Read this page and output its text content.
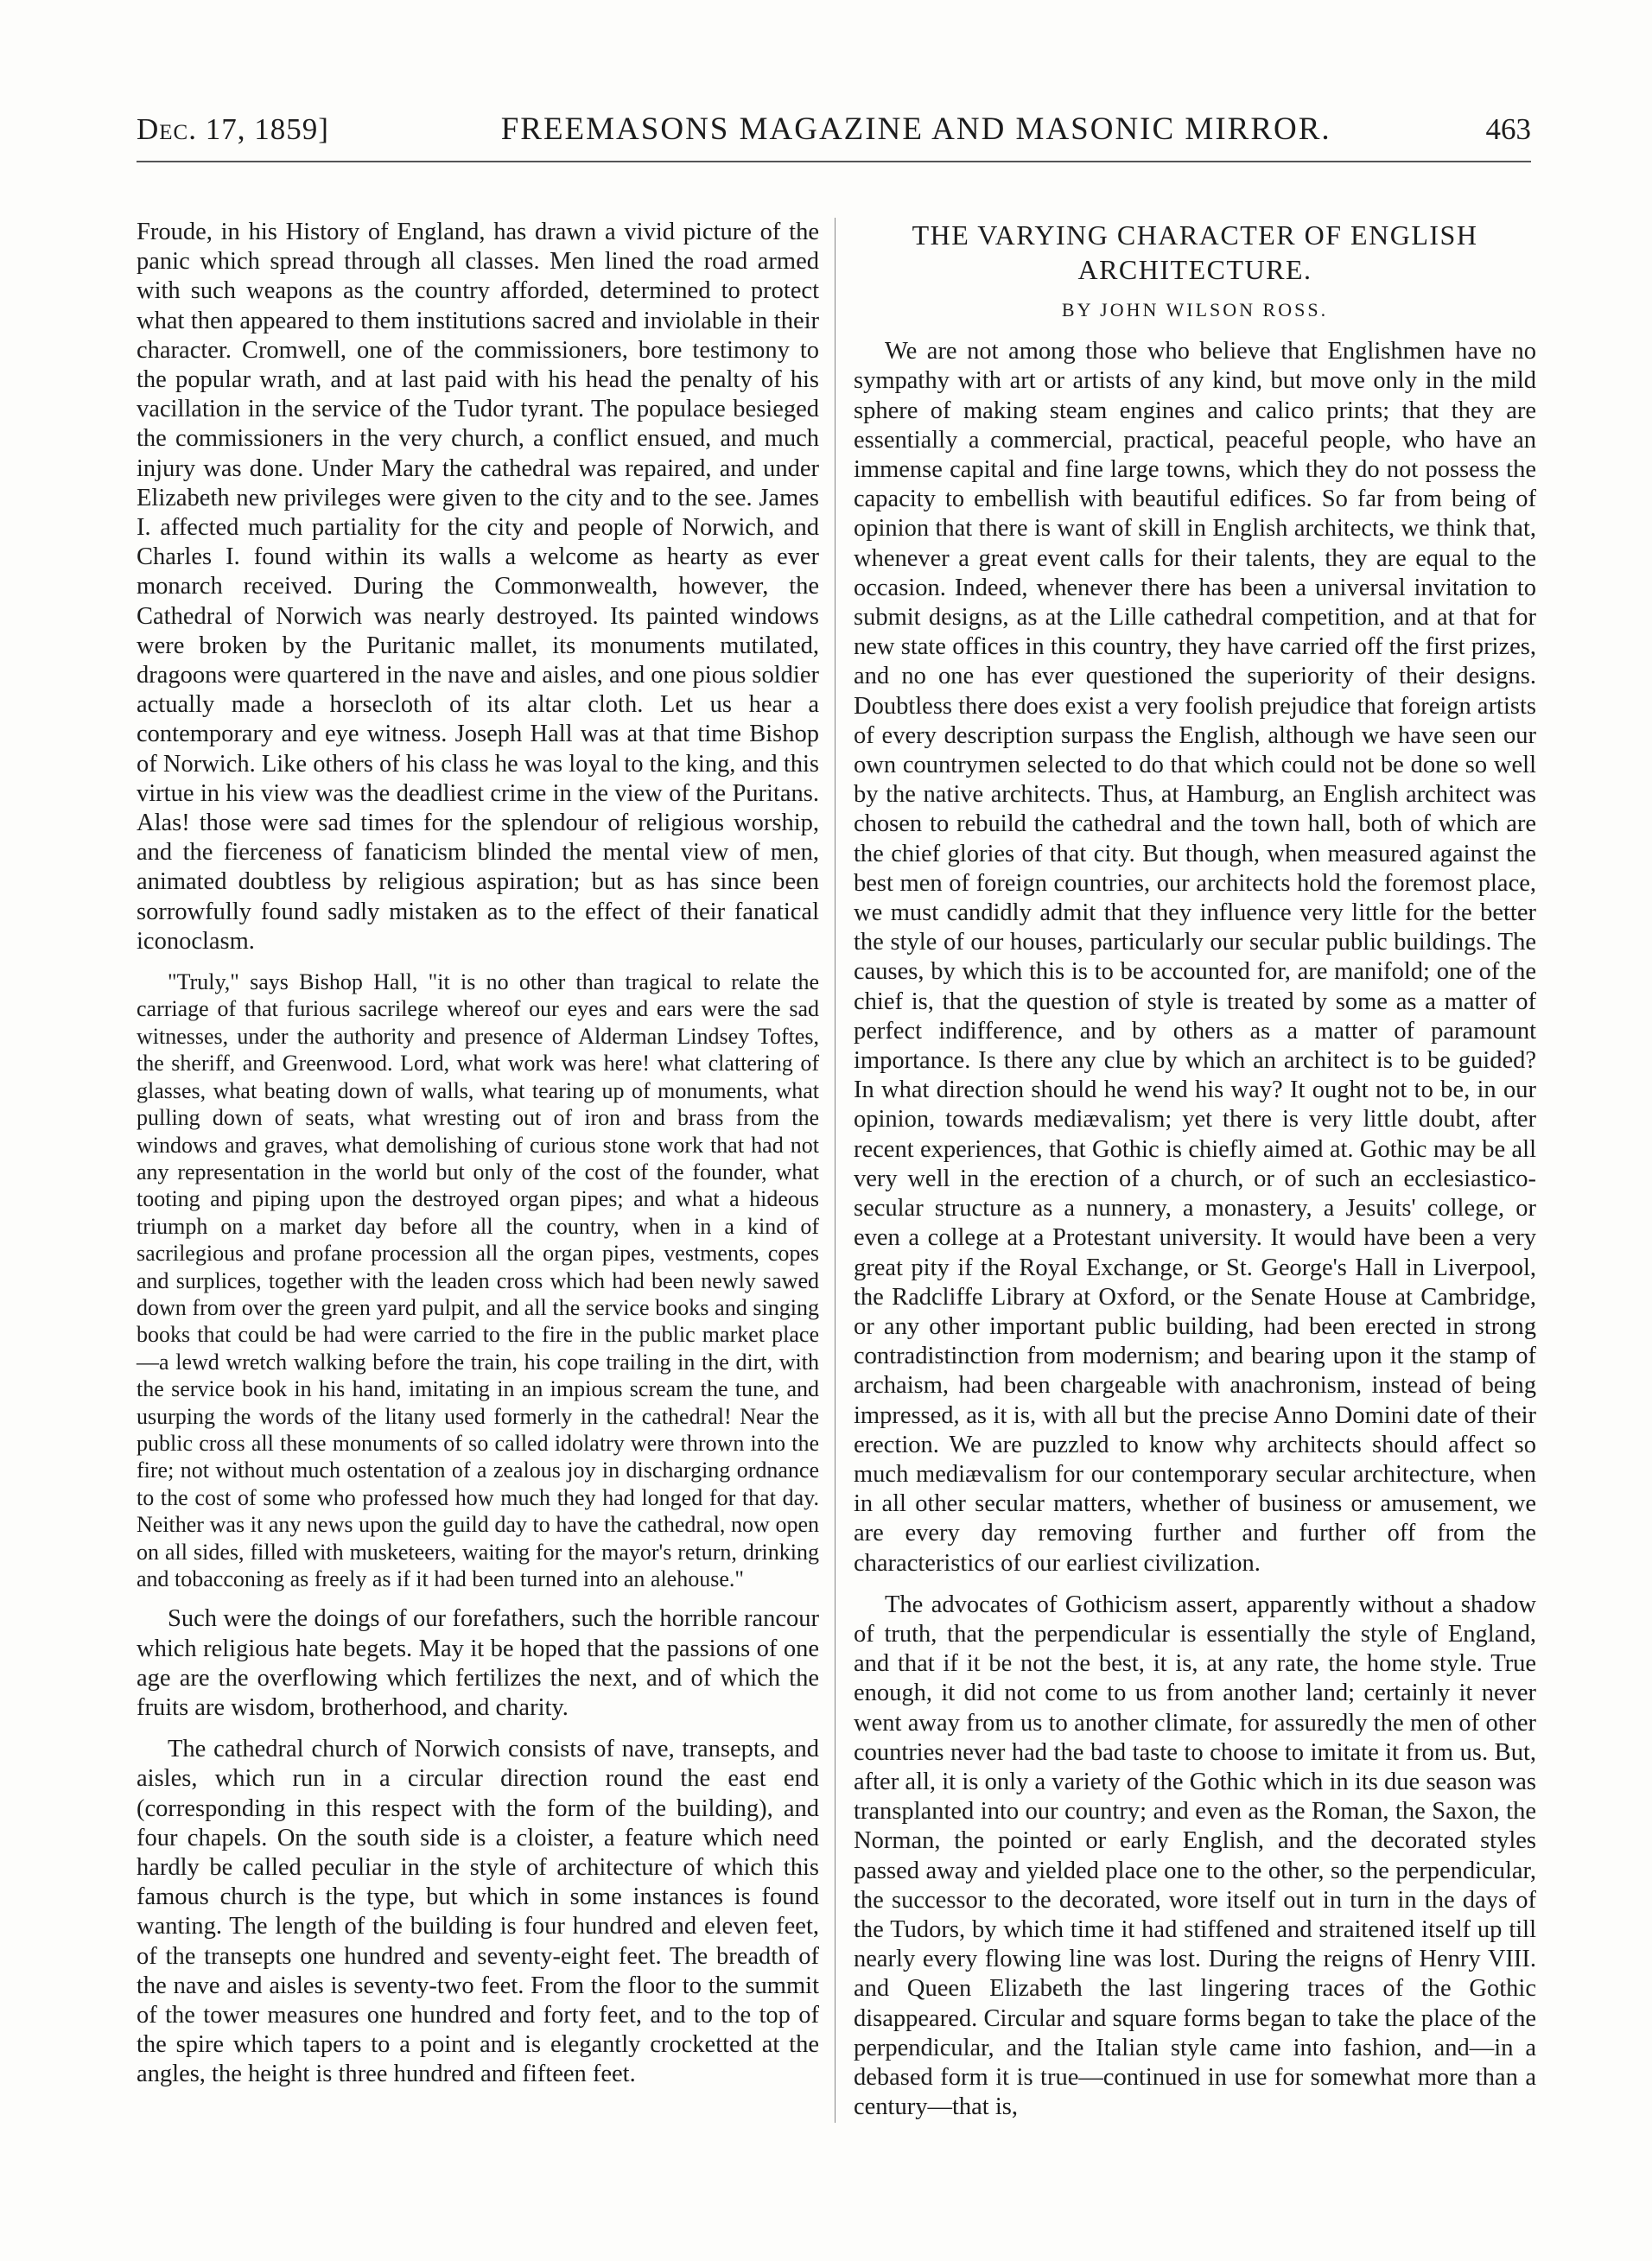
Dec. 17, 1859]	FREEMASONS MAGAZINE AND MASONIC MIRROR.	463

Froude, in his History of England, has drawn a vivid picture of the panic which spread through all classes. Men lined the road armed with such weapons as the country afforded, determined to protect what then appeared to them institutions sacred and inviolable in their character. Cromwell, one of the commissioners, bore testimony to the popular wrath, and at last paid with his head the penalty of his vacillation in the service of the Tudor tyrant. The populace besieged the commissioners in the very church, a conflict ensued, and much injury was done. Under Mary the cathedral was repaired, and under Elizabeth new privileges were given to the city and to the see. James I. affected much partiality for the city and people of Norwich, and Charles I. found within its walls a welcome as hearty as ever monarch received. During the Commonwealth, however, the Cathedral of Norwich was nearly destroyed. Its painted windows were broken by the Puritanic mallet, its monuments mutilated, dragoons were quartered in the nave and aisles, and one pious soldier actually made a horsecloth of its altar cloth. Let us hear a contemporary and eye witness. Joseph Hall was at that time Bishop of Norwich. Like others of his class he was loyal to the king, and this virtue in his view was the deadliest crime in the view of the Puritans. Alas! those were sad times for the splendour of religious worship, and the fierceness of fanaticism blinded the mental view of men, animated doubtless by religious aspiration; but as has since been sorrowfully found sadly mistaken as to the effect of their fanatical iconoclasm.

"Truly," says Bishop Hall, "it is no other than tragical to relate the carriage of that furious sacrilege whereof our eyes and ears were the sad witnesses, under the authority and presence of Alderman Lindsey Toftes, the sheriff, and Greenwood. Lord, what work was here! what clattering of glasses, what beating down of walls, what tearing up of monuments, what pulling down of seats, what wresting out of iron and brass from the windows and graves, what demolishing of curious stone work that had not any representation in the world but only of the cost of the founder, what tooting and piping upon the destroyed organ pipes; and what a hideous triumph on a market day before all the country, when in a kind of sacrilegious and profane procession all the organ pipes, vestments, copes and surplices, together with the leaden cross which had been newly sawed down from over the green yard pulpit, and all the service books and singing books that could be had were carried to the fire in the public market place—a lewd wretch walking before the train, his cope trailing in the dirt, with the service book in his hand, imitating in an impious scream the tune, and usurping the words of the litany used formerly in the cathedral! Near the public cross all these monuments of so called idolatry were thrown into the fire; not without much ostentation of a zealous joy in discharging ordnance to the cost of some who professed how much they had longed for that day. Neither was it any news upon the guild day to have the cathedral, now open on all sides, filled with musketeers, waiting for the mayor's return, drinking and tobacconing as freely as if it had been turned into an alehouse."

Such were the doings of our forefathers, such the horrible rancour which religious hate begets. May it be hoped that the passions of one age are the overflowing which fertilizes the next, and of which the fruits are wisdom, brotherhood, and charity.

The cathedral church of Norwich consists of nave, transepts, and aisles, which run in a circular direction round the east end (corresponding in this respect with the form of the building), and four chapels. On the south side is a cloister, a feature which need hardly be called peculiar in the style of architecture of which this famous church is the type, but which in some instances is found wanting. The length of the building is four hundred and eleven feet, of the transepts one hundred and seventy-eight feet. The breadth of the nave and aisles is seventy-two feet. From the floor to the summit of the tower measures one hundred and forty feet, and to the top of the spire which tapers to a point and is elegantly crocketted at the angles, the height is three hundred and fifteen feet.

THE VARYING CHARACTER OF ENGLISH ARCHITECTURE.
BY JOHN WILSON ROSS.

We are not among those who believe that Englishmen have no sympathy with art or artists of any kind, but move only in the mild sphere of making steam engines and calico prints; that they are essentially a commercial, practical, peaceful people, who have an immense capital and fine large towns, which they do not possess the capacity to embellish with beautiful edifices. So far from being of opinion that there is want of skill in English architects, we think that, whenever a great event calls for their talents, they are equal to the occasion. Indeed, whenever there has been a universal invitation to submit designs, as at the Lille cathedral competition, and at that for new state offices in this country, they have carried off the first prizes, and no one has ever questioned the superiority of their designs. Doubtless there does exist a very foolish prejudice that foreign artists of every description surpass the English, although we have seen our own countrymen selected to do that which could not be done so well by the native architects. Thus, at Hamburg, an English architect was chosen to rebuild the cathedral and the town hall, both of which are the chief glories of that city. But though, when measured against the best men of foreign countries, our architects hold the foremost place, we must candidly admit that they influence very little for the better the style of our houses, particularly our secular public buildings. The causes, by which this is to be accounted for, are manifold; one of the chief is, that the question of style is treated by some as a matter of perfect indifference, and by others as a matter of paramount importance. Is there any clue by which an architect is to be guided? In what direction should he wend his way? It ought not to be, in our opinion, towards mediævalism; yet there is very little doubt, after recent experiences, that Gothic is chiefly aimed at. Gothic may be all very well in the erection of a church, or of such an ecclesiastico-secular structure as a nunnery, a monastery, a Jesuits' college, or even a college at a Protestant university. It would have been a very great pity if the Royal Exchange, or St. George's Hall in Liverpool, the Radcliffe Library at Oxford, or the Senate House at Cambridge, or any other important public building, had been erected in strong contradistinction from modernism; and bearing upon it the stamp of archaism, had been chargeable with anachronism, instead of being impressed, as it is, with all but the precise Anno Domini date of their erection. We are puzzled to know why architects should affect so much mediævalism for our contemporary secular architecture, when in all other secular matters, whether of business or amusement, we are every day removing further and further off from the characteristics of our earliest civilization.

The advocates of Gothicism assert, apparently without a shadow of truth, that the perpendicular is essentially the style of England, and that if it be not the best, it is, at any rate, the home style. True enough, it did not come to us from another land; certainly it never went away from us to another climate, for assuredly the men of other countries never had the bad taste to choose to imitate it from us. But, after all, it is only a variety of the Gothic which in its due season was transplanted into our country; and even as the Roman, the Saxon, the Norman, the pointed or early English, and the decorated styles passed away and yielded place one to the other, so the perpendicular, the successor to the decorated, wore itself out in turn in the days of the Tudors, by which time it had stiffened and straitened itself up till nearly every flowing line was lost. During the reigns of Henry VIII. and Queen Elizabeth the last lingering traces of the Gothic disappeared. Circular and square forms began to take the place of the perpendicular, and the Italian style came into fashion, and—in a debased form it is true—continued in use for somewhat more than a century—that is,
